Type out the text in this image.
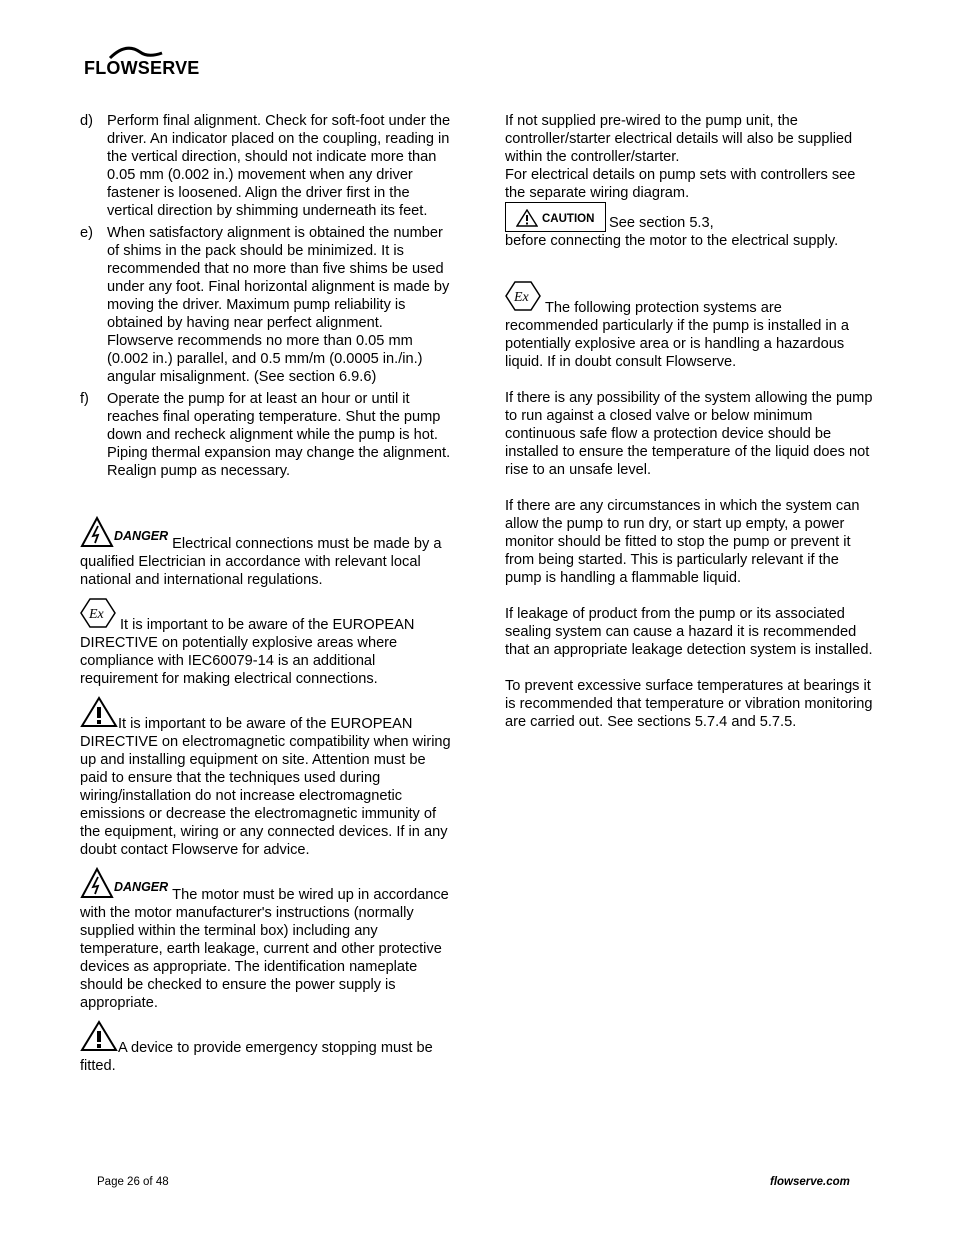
FLOWSERVE
d) Perform final alignment. Check for soft-foot under the driver. An indicator placed on the coupling, reading in the vertical direction, should not indicate more than 0.05 mm (0.002 in.) movement when any driver fastener is loosened. Align the driver first in the vertical direction by shimming underneath its feet.
e) When satisfactory alignment is obtained the number of shims in the pack should be minimized. It is recommended that no more than five shims be used under any foot. Final horizontal alignment is made by moving the driver. Maximum pump reliability is obtained by having near perfect alignment. Flowserve recommends no more than 0.05 mm (0.002 in.) parallel, and 0.5 mm/m (0.0005 in./in.) angular misalignment. (See section 6.9.6)
f) Operate the pump for at least an hour or until it reaches final operating temperature. Shut the pump down and recheck alignment while the pump is hot. Piping thermal expansion may change the alignment. Realign pump as necessary.

DANGER Electrical connections must be made by a qualified Electrician in accordance with relevant local national and international regulations.

Ex
It is important to be aware of the EUROPEAN DIRECTIVE on potentially explosive areas where compliance with IEC60079-14 is an additional requirement for making electrical connections.

It is important to be aware of the EUROPEAN DIRECTIVE on electromagnetic compatibility when wiring up and installing equipment on site. Attention must be paid to ensure that the techniques used during wiring/installation do not increase electromagnetic emissions or decrease the electromagnetic immunity of the equipment, wiring or any connected devices. If in any doubt contact Flowserve for advice.

DANGER The motor must be wired up in accordance with the motor manufacturer's instructions (normally supplied within the terminal box) including any temperature, earth leakage, current and other protective devices as appropriate. The identification nameplate should be checked to ensure the power supply is appropriate.

A device to provide emergency stopping must be fitted.

If not supplied pre-wired to the pump unit, the controller/starter electrical details will also be supplied within the controller/starter.

For electrical details on pump sets with controllers see the separate wiring diagram.

CAUTION See section 5.3,
before connecting the motor to the electrical supply.

Ex
The following protection systems are recommended particularly if the pump is installed in a potentially explosive area or is handling a hazardous liquid. If in doubt consult Flowserve.

If there is any possibility of the system allowing the pump to run against a closed valve or below minimum continuous safe flow a protection device should be installed to ensure the temperature of the liquid does not rise to an unsafe level.

If there are any circumstances in which the system can allow the pump to run dry, or start up empty, a power monitor should be fitted to stop the pump or prevent it from being started. This is particularly relevant if the pump is handling a flammable liquid.

If leakage of product from the pump or its associated sealing system can cause a hazard it is recommended that an appropriate leakage detection system is installed.

To prevent excessive surface temperatures at bearings it is recommended that temperature or vibration monitoring are carried out. See sections 5.7.4 and 5.7.5.

Page 26 of 48	flowserve.com
